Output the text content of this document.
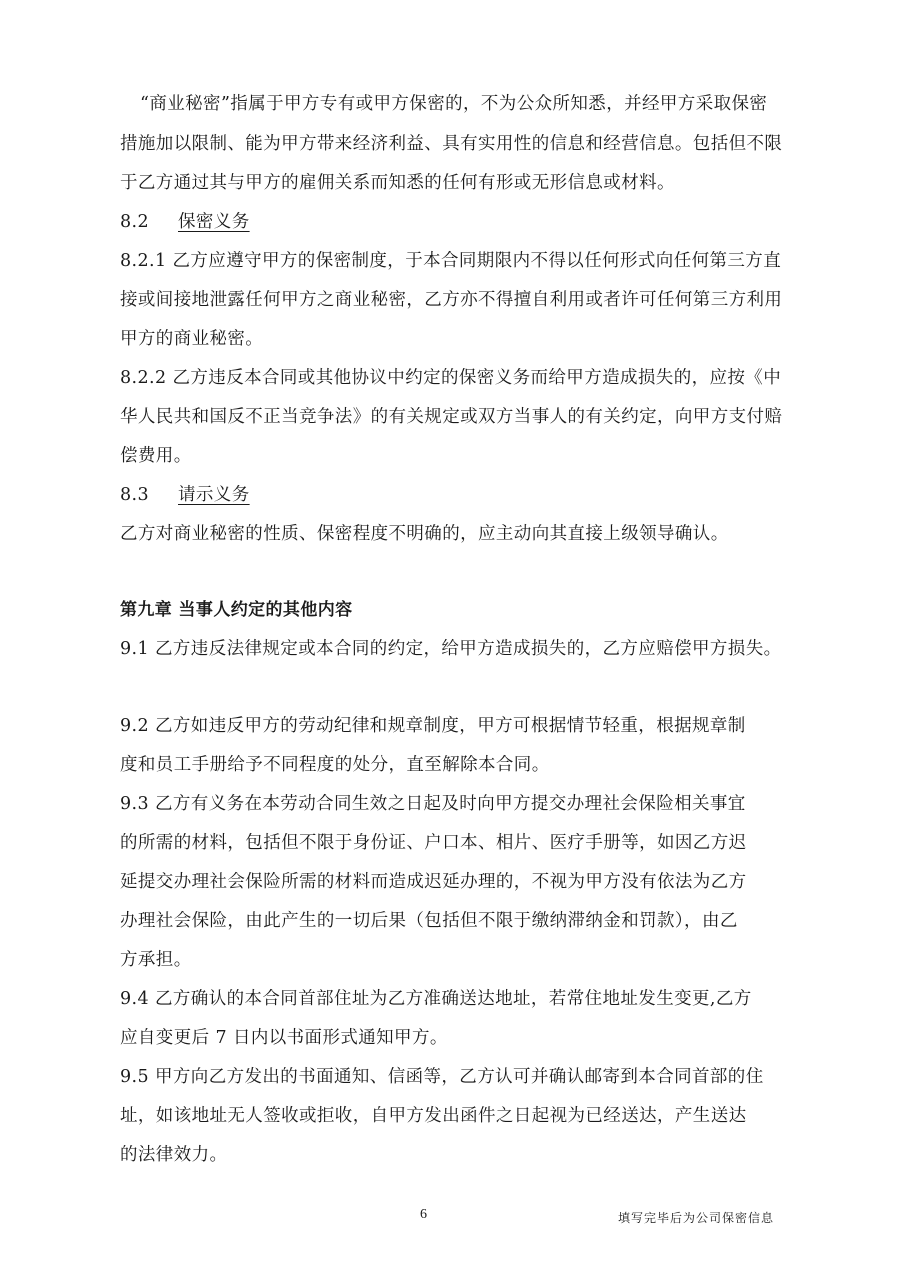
“商业秘密”指属于甲方专有或甲方保密的，不为公众所知悉，并经甲方采取保密
措施加以限制、能为甲方带来经济利益、具有实用性的信息和经营信息。包括但不限
于乙方通过其与甲方的雇佣关系而知悉的任何有形或无形信息或材料。
8.2 保密义务
8.2.1 乙方应遵守甲方的保密制度，于本合同期限内不得以任何形式向任何第三方直
接或间接地泄露任何甲方之商业秘密，乙方亦不得擅自利用或者许可任何第三方利用
甲方的商业秘密。
8.2.2 乙方违反本合同或其他协议中约定的保密义务而给甲方造成损失的，应按《中
华人民共和国反不正当竞争法》的有关规定或双方当事人的有关约定，向甲方支付赔
偿费用。
8.3 请示义务
乙方对商业秘密的性质、保密程度不明确的，应主动向其直接上级领导确认。
第九章 当事人约定的其他内容
9.1 乙方违反法律规定或本合同的约定，给甲方造成损失的，乙方应赔偿甲方损失。
9.2 乙方如违反甲方的劳动纪律和规章制度，甲方可根据情节轻重，根据规章制
度和员工手册给予不同程度的处分，直至解除本合同。
9.3 乙方有义务在本劳动合同生效之日起及时向甲方提交办理社会保险相关事宜
的所需的材料，包括但不限于身份证、户口本、相片、医疗手册等，如因乙方迟
延提交办理社会保险所需的材料而造成迟延办理的，不视为甲方没有依法为乙方
办理社会保险，由此产生的一切后果（包括但不限于缴纳滞纳金和罚款），由乙
方承担。
9.4 乙方确认的本合同首部住址为乙方准确送达地址，若常住地址发生变更,乙方
应自变更后 7 日内以书面形式通知甲方。
9.5 甲方向乙方发出的书面通知、信函等，乙方认可并确认邮寄到本合同首部的住
址，如该地址无人签收或拒收，自甲方发出函件之日起视为已经送达，产生送达
的法律效力。
6	填写完毕后为公司保密信息
